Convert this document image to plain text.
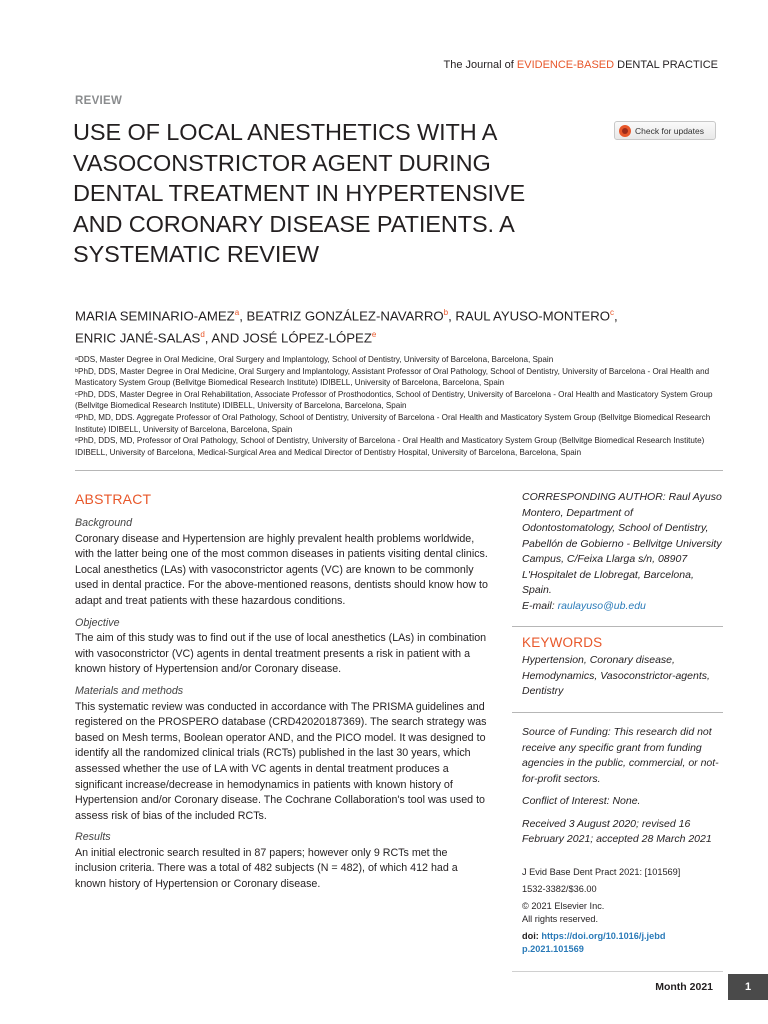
The Journal of EVIDENCE-BASED DENTAL PRACTICE
REVIEW
USE OF LOCAL ANESTHETICS WITH A VASOCONSTRICTOR AGENT DURING DENTAL TREATMENT IN HYPERTENSIVE AND CORONARY DISEASE PATIENTS. A SYSTEMATIC REVIEW
Check for updates
MARIA SEMINARIO-AMEZ$^a$, BEATRIZ GONZÁLEZ-NAVARRO$^b$, RAUL AYUSO-MONTERO$^c$,
ENRIC JANÉ-SALAS$^d$, AND JOSÉ LÓPEZ-LÓPEZ$^e$

ᵃDDS, Master Degree in Oral Medicine, Oral Surgery and Implantology, School of Dentistry, University of Barcelona, Barcelona, Spain

ᵇPhD, DDS, Master Degree in Oral Medicine, Oral Surgery and Implantology, Assistant Professor of Oral Pathology, School of Dentistry, University of Barcelona - Oral Health and Masticatory System Group (Bellvitge Biomedical Research Institute) IDIBELL, University of Barcelona, Barcelona, Spain

ᶜPhD, DDS, Master Degree in Oral Rehabilitation, Associate Professor of Prosthodontics, School of Dentistry, University of Barcelona - Oral Health and Masticatory System Group (Bellvitge Biomedical Research Institute) IDIBELL, University of Barcelona, Barcelona, Spain

ᵈPhD, MD, DDS. Aggregate Professor of Oral Pathology, School of Dentistry, University of Barcelona - Oral Health and Masticatory System Group (Bellvitge Biomedical Research Institute) IDIBELL, University of Barcelona, Barcelona, Spain

ᵉPhD, DDS, MD, Professor of Oral Pathology, School of Dentistry, University of Barcelona - Oral Health and Masticatory System Group (Bellvitge Biomedical Research Institute) IDIBELL, University of Barcelona, Medical-Surgical Area and Medical Director of Dentistry Hospital, University of Barcelona, Barcelona, Spain

ABSTRACT

Background

Coronary disease and Hypertension are highly prevalent health problems worldwide, with the latter being one of the most common diseases in patients visiting dental clinics. Local anesthetics (LAs) with vasoconstrictor agents (VC) are known to be commonly used in dental practice. For the above-mentioned reasons, dentists should know how to adapt and treat patients with these hazardous conditions.

Objective

The aim of this study was to find out if the use of local anesthetics (LAs) in combination with vasoconstrictor (VC) agents in dental treatment presents a risk in patient with a known history of Hypertension and/or Coronary disease.

Materials and methods

This systematic review was conducted in accordance with The PRISMA guidelines and registered on the PROSPERO database (CRD42020187369). The search strategy was based on Mesh terms, Boolean operator AND, and the PICO model. It was designed to identify all the randomized clinical trials (RCTs) published in the last 30 years, which assessed whether the use of LA with VC agents in dental treatment produces a significant increase/decrease in hemodynamics in patients with known history of Hypertension and/or Coronary disease. The Cochrane Collaboration's tool was used to assess risk of bias of the included RCTs.

Results

An initial electronic search resulted in 87 papers; however only 9 RCTs met the inclusion criteria. There was a total of 482 subjects (N = 482), of which 412 had a known history of Hypertension or Coronary disease.

CORRESPONDING AUTHOR: Raul Ayuso Montero, Department of Odontostomatology, School of Dentistry, Pabellón de Gobierno - Bellvitge University Campus, C/Feixa Llarga s/n, 08907 L'Hospitalet de Llobregat, Barcelona, Spain.

E-mail: raulayuso@ub.edu

KEYWORDS
Hypertension, Coronary disease, Hemodynamics, Vasoconstrictor-agents, Dentistry

Source of Funding: This research did not receive any specific grant from funding agencies in the public, commercial, or not-for-profit sectors.

Conflict of Interest: None.

Received 3 August 2020; revised 16 February 2021; accepted 28 March 2021

J Evid Base Dent Pract 2021: [101569]

1532-3382/$36.00

© 2021 Elsevier Inc.

All rights reserved.

doi: https://doi.org/10.1016/j.jebdp.2021.101569

Month 2021	1
